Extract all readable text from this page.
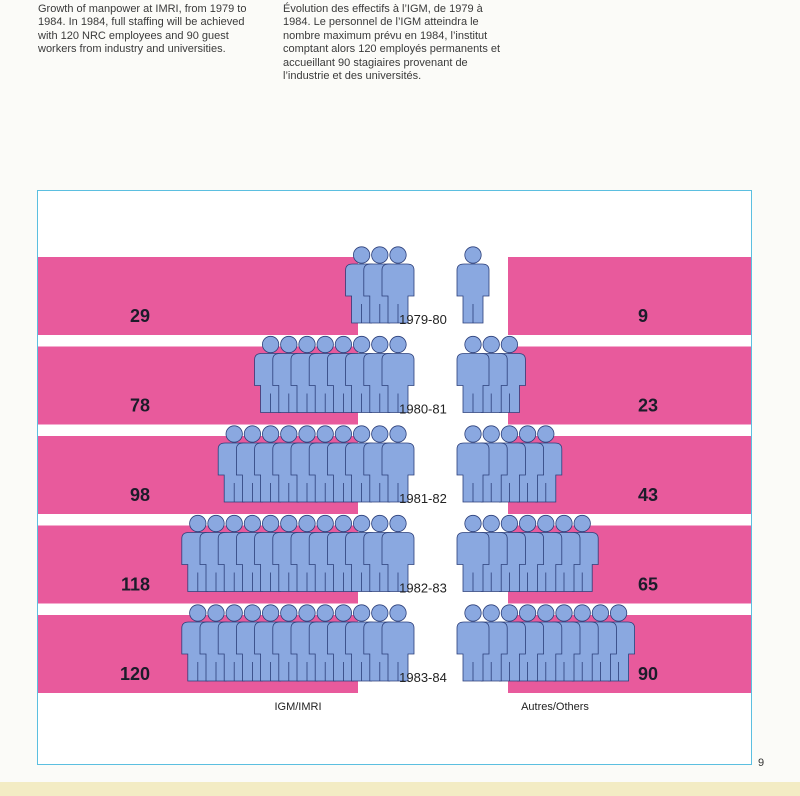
Growth of manpower at IMRI, from 1979 to 1984. In 1984, full staffing will be achieved with 120 NRC employees and 90 guest workers from industry and universities.
Évolution des effectifs à l’IGM, de 1979 à 1984. Le personnel de l’IGM atteindra le nombre maximum prévu en 1984, l’institut comptant alors 120 employés permanents et accueillant 90 stagiaires provenant de l’industrie et des universités.
29	9
1979-80
78	23
1980-81
98	43
1981-82
118	65
1982-83
120	90
1983-84
IGM/IMRI	Autres/Others
9
